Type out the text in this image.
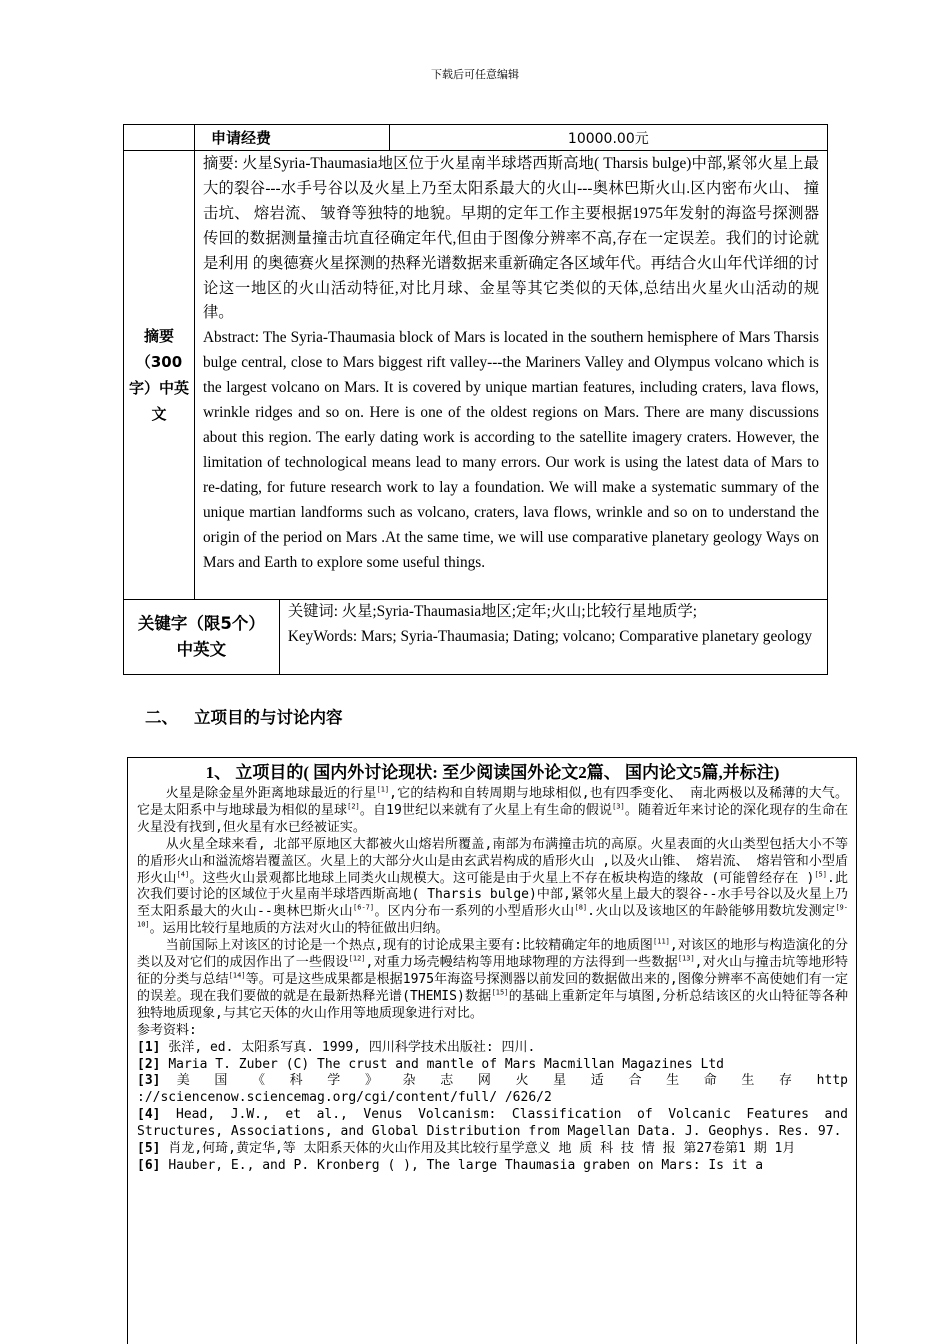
下载后可任意编辑
	申请经费		10000.00元
摘要（300字）中英文	摘要: 火星Syria-Thaumasia地区位于火星南半球塔西斯高地( Tharsis bulge)中部,紧邻火星上最大的裂谷---水手号谷以及火星上乃至太阳系最大的火山---奥林巴斯火山.区内密布火山、 撞击坑、 熔岩流、 皱脊等独特的地貌。早期的定年工作主要根据1975年发射的海盗号探测器传回的数据测量撞击坑直径确定年代,但由于图像分辨率不高,存在一定误差。我们的讨论就是利用 的奥德赛火星探测的热释光谱数据来重新确定各区域年代。再结合火山年代详细的讨论这一地区的火山活动特征,对比月球、金星等其它类似的天体,总结出火星火山活动的规律。

Abstract: The Syria-Thaumasia block of Mars is located in the southern hemisphere of Mars Tharsis bulge central, close to Mars biggest rift valley---the Mariners Valley and Olympus volcano which is the largest volcano on Mars. It is covered by unique martian features, including craters, lava flows, wrinkle ridges and so on. Here is one of the oldest regions on Mars. There are many discussions about this region. The early dating work is according to the satellite imagery craters. However, the limitation of technological means lead to many errors. Our work is using the latest data of Mars to re-dating, for future research work to lay a foundation. We will make a systematic summary of the unique martian landforms such as volcano, craters, lava flows, wrinkle and so on to understand the origin of the period on Mars .At the same time, we will use comparative planetary geology Ways on Mars and Earth to explore some useful things.		

关键字（限5个）中英文		关键词: 火星;Syria-Thaumasia地区;定年;火山;比较行星地质学;
KeyWords: Mars; Syria-Thaumasia; Dating; volcano; Comparative planetary geology	
二、 立项目的与讨论内容
1、 立项目的( 国内外讨论现状: 至少阅读国外论文2篇、 国内论文5篇,并标注)

火星是除金星外距离地球最近的行星[1],它的结构和自转周期与地球相似,也有四季变化、 南北两极以及稀薄的大气。它是太阳系中与地球最为相似的星球[2]。自19世纪以来就有了火星上有生命的假说[3]。随着近年来讨论的深化现存的生命在火星没有找到,但火星有水已经被证实。

从火星全球来看, 北部平原地区大都被火山熔岩所覆盖,南部为布满撞击坑的高原。火星表面的火山类型包括大小不等的盾形火山和溢流熔岩覆盖区。火星上的大部分火山是由玄武岩构成的盾形火山 ,以及火山锥、 熔岩流、 熔岩管和小型盾形火山[4]。这些火山景观都比地球上同类火山规模大。这可能是由于火星上不存在板块构造的缘故 (可能曾经存在 )[5].此次我们要讨论的区域位于火星南半球塔西斯高地( Tharsis bulge)中部,紧邻火星上最大的裂谷--水手号谷以及火星上乃至太阳系最大的火山--奥林巴斯火山[6-7]。区内分布一系列的小型盾形火山[8].火山以及该地区的年龄能够用数坑发测定[9-10]。运用比较行星地质的方法对火山的特征做出归纳。

当前国际上对该区的讨论是一个热点,现有的讨论成果主要有:比较精确定年的地质图[11],对该区的地形与构造演化的分类以及对它们的成因作出了一些假设[12],对重力场壳幔结构等用地球物理的方法得到一些数据[13],对火山与撞击坑等地形特征的分类与总结[14]等。可是这些成果都是根据1975年海盗号探测器以前发回的数据做出来的,图像分辨率不高使她们有一定的误差。现在我们要做的就是在最新热释光谱(THEMIS)数据[15]的基础上重新定年与填图,分析总结该区的火山特征等各种独特地质现象,与其它天体的火山作用等地质现象进行对比。

参考资料:

[1] 张洋, ed. 太阳系写真. 1999, 四川科学技术出版社: 四川.

[2] Maria T. Zuber (C) The crust and mantle of Mars Macmillan Magazines Ltd

[3] 美 国 《 科 学 》 杂 志 网 火 星 适 合 生 命 生 存 http ://sciencenow.sciencemag.org/cgi/content/full/ /626/2

[4] Head, J.W., et al., Venus Volcanism: Classification of Volcanic Features and Structures, Associations, and Global Distribution from Magellan Data. J. Geophys. Res. 97.

[5] 肖龙,何琦,黄定华,等 太阳系天体的火山作用及其比较行星学意义 地 质 科 技 情 报 第27卷第1 期 1月

[6] Hauber, E., and P. Kronberg ( ), The large Thaumasia graben on Mars: Is it a
